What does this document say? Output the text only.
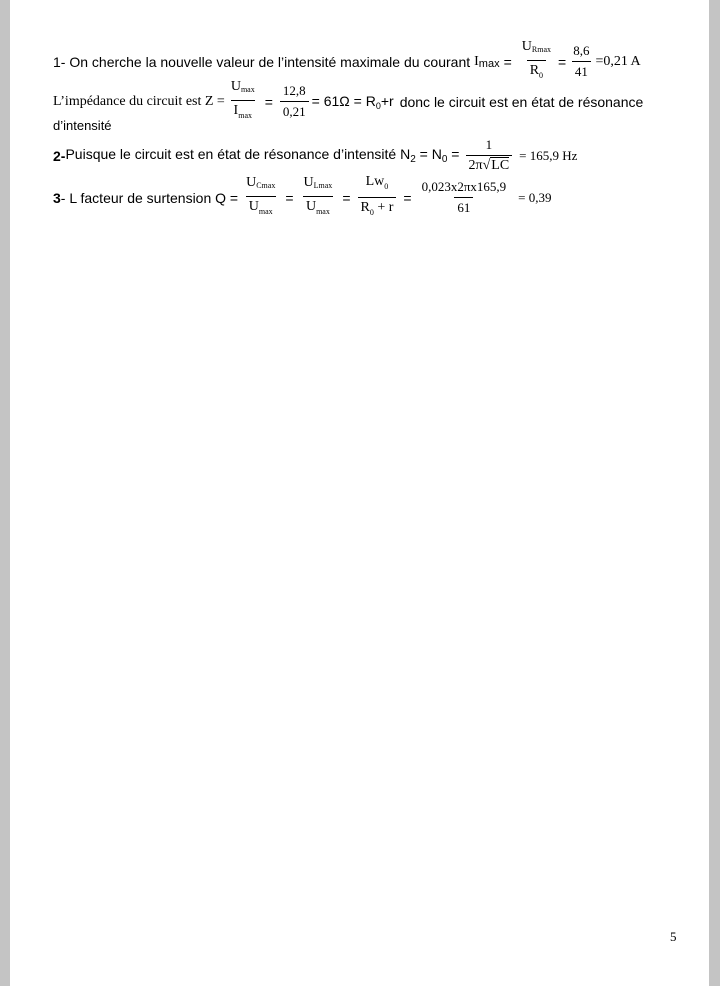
1- On cherche la nouvelle valeur de l’intensité maximale du courant $Imax = \frac{URmax}{R_0} = \frac{8,6}{41} =0,21$ A
L’impédance du circuit est $Z = \frac{Umax}{I_{max}} = \frac{12,8}{0,21} = 61\Omega = R_0+r$ donc le circuit est en état de résonance
d’intensité
2- Puisque le circuit est en état de résonance d’intensité $N_2 = N_0 = \frac{1}{2\pi√LC} = 165,9$ Hz
3 - L facteur de surtension $Q = \frac{UCmax}{U_{max}} = \frac{ULmax}{U_{max}} = \frac{Lw_0}{R_0 + r} = \frac{0,023x2\pi x165,9}{61} = 0,39$
5
